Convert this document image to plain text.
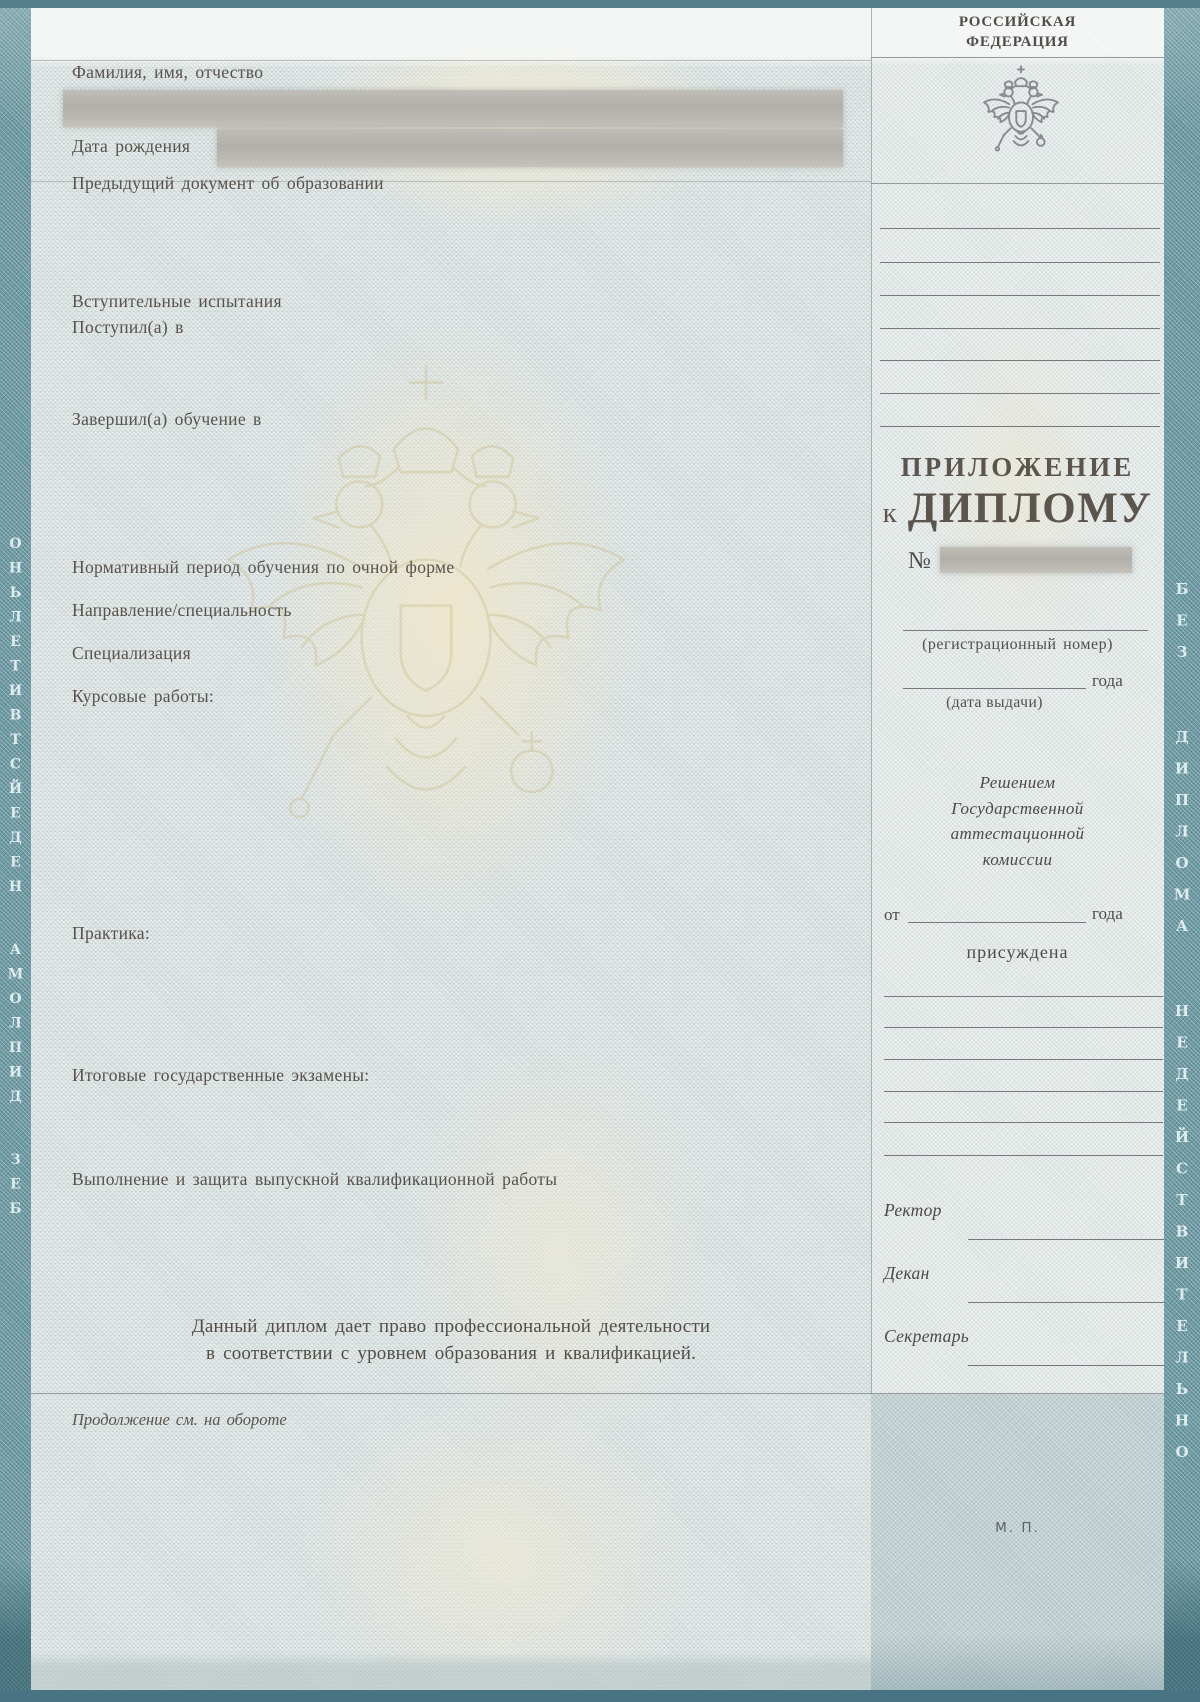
ОНЬЛЕТИВТСЙЕДЕН АМОЛПИД ЗЕБ	БЕЗ ДИПЛОМА НЕДЕЙСТВИТЕЛЬНО
Фамилия, имя, отчество
Дата рождения
Предыдущий документ об образовании
Вступительные испытания
Поступил(а) в
Завершил(а) обучение в
Нормативный период обучения по очной форме
Направление/специальность
Специализация
Курсовые работы:
Практика:
Итоговые государственные экзамены:
Выполнение и защита выпускной квалификационной работы
Данный диплом дает право профессиональной деятельности
в соответствии с уровнем образования и квалификацией.
Продолжение см. на обороте
РОССИЙСКАЯ
ФЕДЕРАЦИЯ
ПРИЛОЖЕНИЕ
к ДИПЛОМУ
№
(регистрационный номер)
года
(дата выдачи)
Решением
Государственной
аттестационной
комиссии
от	года
присуждена
Ректор
Декан
Секретарь
М. П.
